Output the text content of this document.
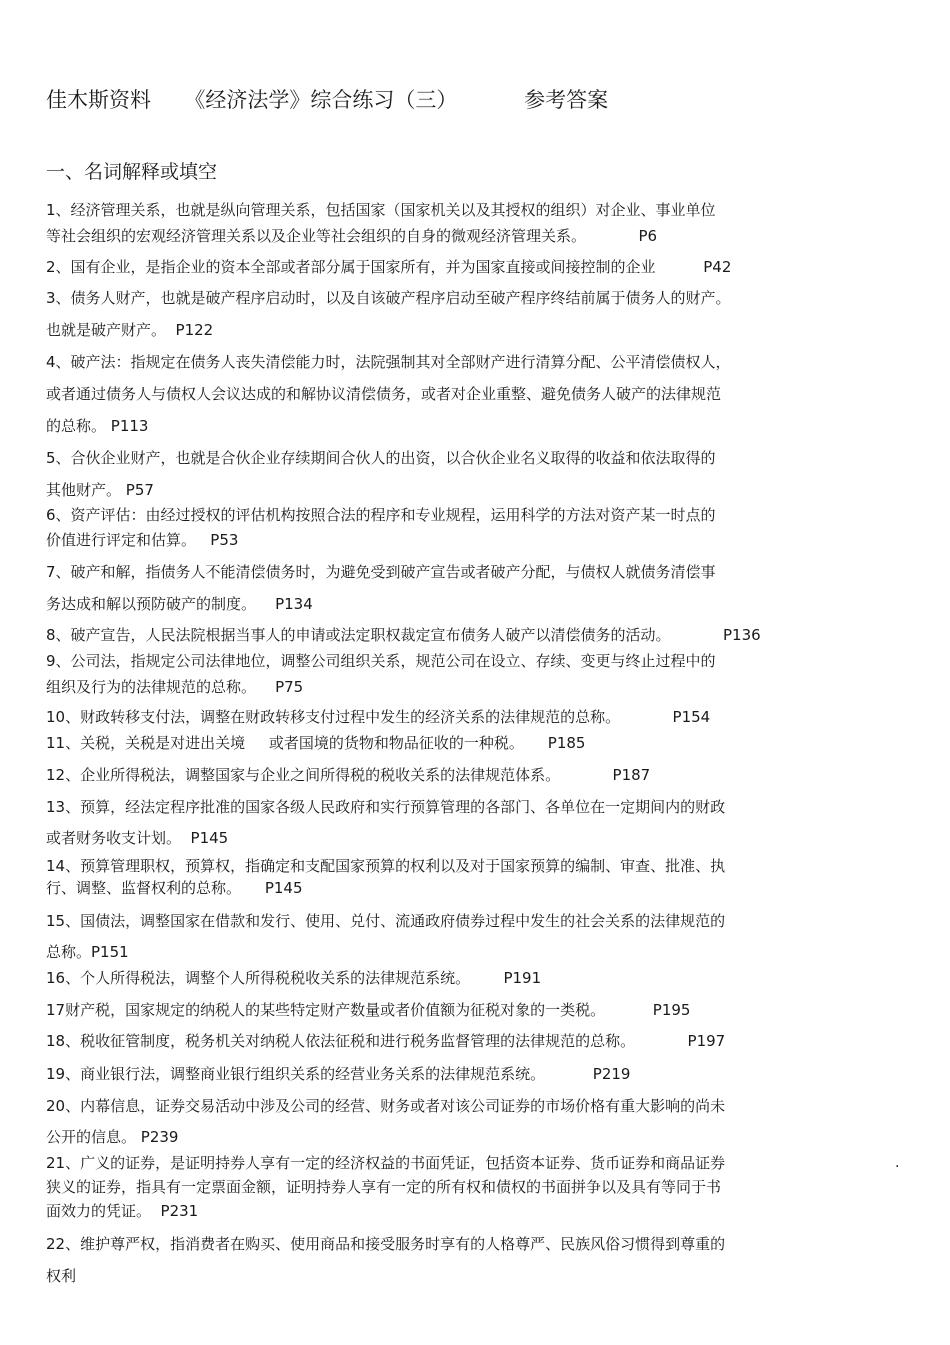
佳木斯资料     《经济法学》综合练习（三）          参考答案
一、名词解释或填空
1、经济管理关系，也就是纵向管理关系，包括国家（国家机关以及其授权的组织）对企业、事业单位
等社会组织的宏观经济管理关系以及企业等社会组织的自身的微观经济管理关系。           P6
2、国有企业，是指企业的资本全部或者部分属于国家所有，并为国家直接或间接控制的企业          P42
3、债务人财产，也就是破产程序启动时，以及自该破产程序启动至破产程序终结前属于债务人的财产。
也就是破产财产。  P122
4、破产法：指规定在债务人丧失清偿能力时，法院强制其对全部财产进行清算分配、公平清偿债权人，
或者通过债务人与债权人会议达成的和解协议清偿债务，或者对企业重整、避免债务人破产的法律规范
的总称。 P113
5、合伙企业财产，也就是合伙企业存续期间合伙人的出资，以合伙企业名义取得的收益和依法取得的
其他财产。 P57
6、资产评估：由经过授权的评估机构按照合法的程序和专业规程，运用科学的方法对资产某一时点的
价值进行评定和估算。   P53
7、破产和解，指债务人不能清偿债务时，为避免受到破产宣告或者破产分配，与债权人就债务清偿事
务达成和解以预防破产的制度。    P134
8、破产宣告，人民法院根据当事人的申请或法定职权裁定宣布债务人破产以清偿债务的活动。           P136
9、公司法，指规定公司法律地位，调整公司组织关系，规范公司在设立、存续、变更与终止过程中的
组织及行为的法律规范的总称。    P75
10、财政转移支付法，调整在财政转移支付过程中发生的经济关系的法律规范的总称。           P154
11、关税，关税是对进出关境     或者国境的货物和物品征收的一种税。     P185
12、企业所得税法，调整国家与企业之间所得税的税收关系的法律规范体系。           P187
13、预算，经法定程序批准的国家各级人民政府和实行预算管理的各部门、各单位在一定期间内的财政
或者财务收支计划。  P145
14、预算管理职权，预算权，指确定和支配国家预算的权利以及对于国家预算的编制、审查、批准、执
行、调整、监督权利的总称。     P145
15、国债法，调整国家在借款和发行、使用、兑付、流通政府债券过程中发生的社会关系的法律规范的
总称。P151
16、个人所得税法，调整个人所得税税收关系的法律规范系统。       P191
17财产税，国家规定的纳税人的某些特定财产数量或者价值额为征税对象的一类税。          P195
18、税收征管制度，税务机关对纳税人依法征税和进行税务监督管理的法律规范的总称。           P197
19、商业银行法，调整商业银行组织关系的经营业务关系的法律规范系统。          P219
20、内幕信息，证券交易活动中涉及公司的经营、财务或者对该公司证券的市场价格有重大影响的尚未
公开的信息。 P239
21、广义的证券，是证明持券人享有一定的经济权益的书面凭证，包括资本证券、货币证券和商品证券
狭义的证券，指具有一定票面金额，证明持券人享有一定的所有权和债权的书面拼争以及具有等同于书
面效力的凭证。  P231
22、维护尊严权，指消费者在购买、使用商品和接受服务时享有的人格尊严、民族风俗习惯得到尊重的
权利
.
